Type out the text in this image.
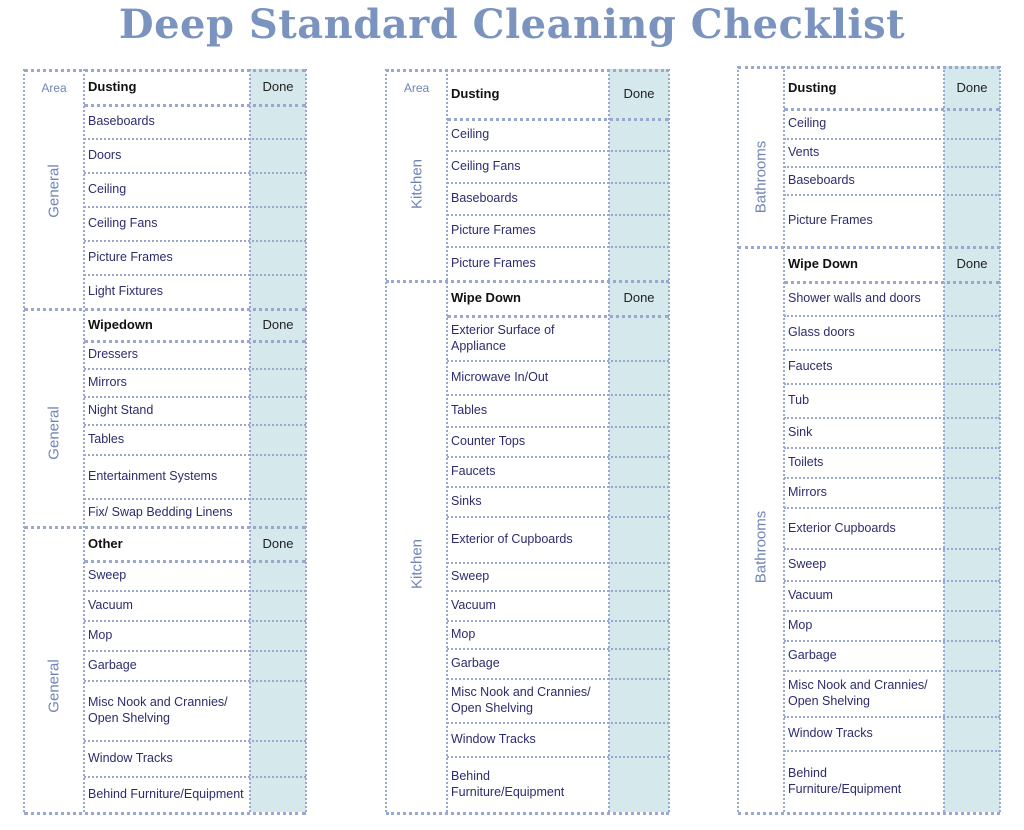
Deep Standard Cleaning Checklist
Area
General
Dusting	Done
Baseboards
Doors
Ceiling
Ceiling Fans
Picture Frames
Light Fixtures
General
Wipedown	Done
Dressers
Mirrors
Night Stand
Tables
Entertainment Systems
Fix/ Swap Bedding Linens
General
Other	Done
Sweep
Vacuum
Mop
Garbage
Misc Nook and Crannies/ Open Shelving
Window Tracks
Behind Furniture/Equipment
Area
Kitchen
Dusting	Done
Ceiling
Ceiling Fans
Baseboards
Picture Frames
Picture Frames
Kitchen
Wipe Down	Done
Exterior Surface of Appliance
Microwave In/Out
Tables
Counter Tops
Faucets
Sinks
Exterior of Cupboards
Sweep
Vacuum
Mop
Garbage
Misc Nook and Crannies/ Open Shelving
Window Tracks
Behind Furniture/Equipment
Bathrooms
Dusting	Done
Ceiling
Vents
Baseboards
Picture Frames
Bathrooms
Wipe Down	Done
Shower walls and doors
Glass doors
Faucets
Tub
Sink
Toilets
Mirrors
Exterior Cupboards
Sweep
Vacuum
Mop
Garbage
Misc Nook and Crannies/ Open Shelving
Window Tracks
Behind Furniture/Equipment
